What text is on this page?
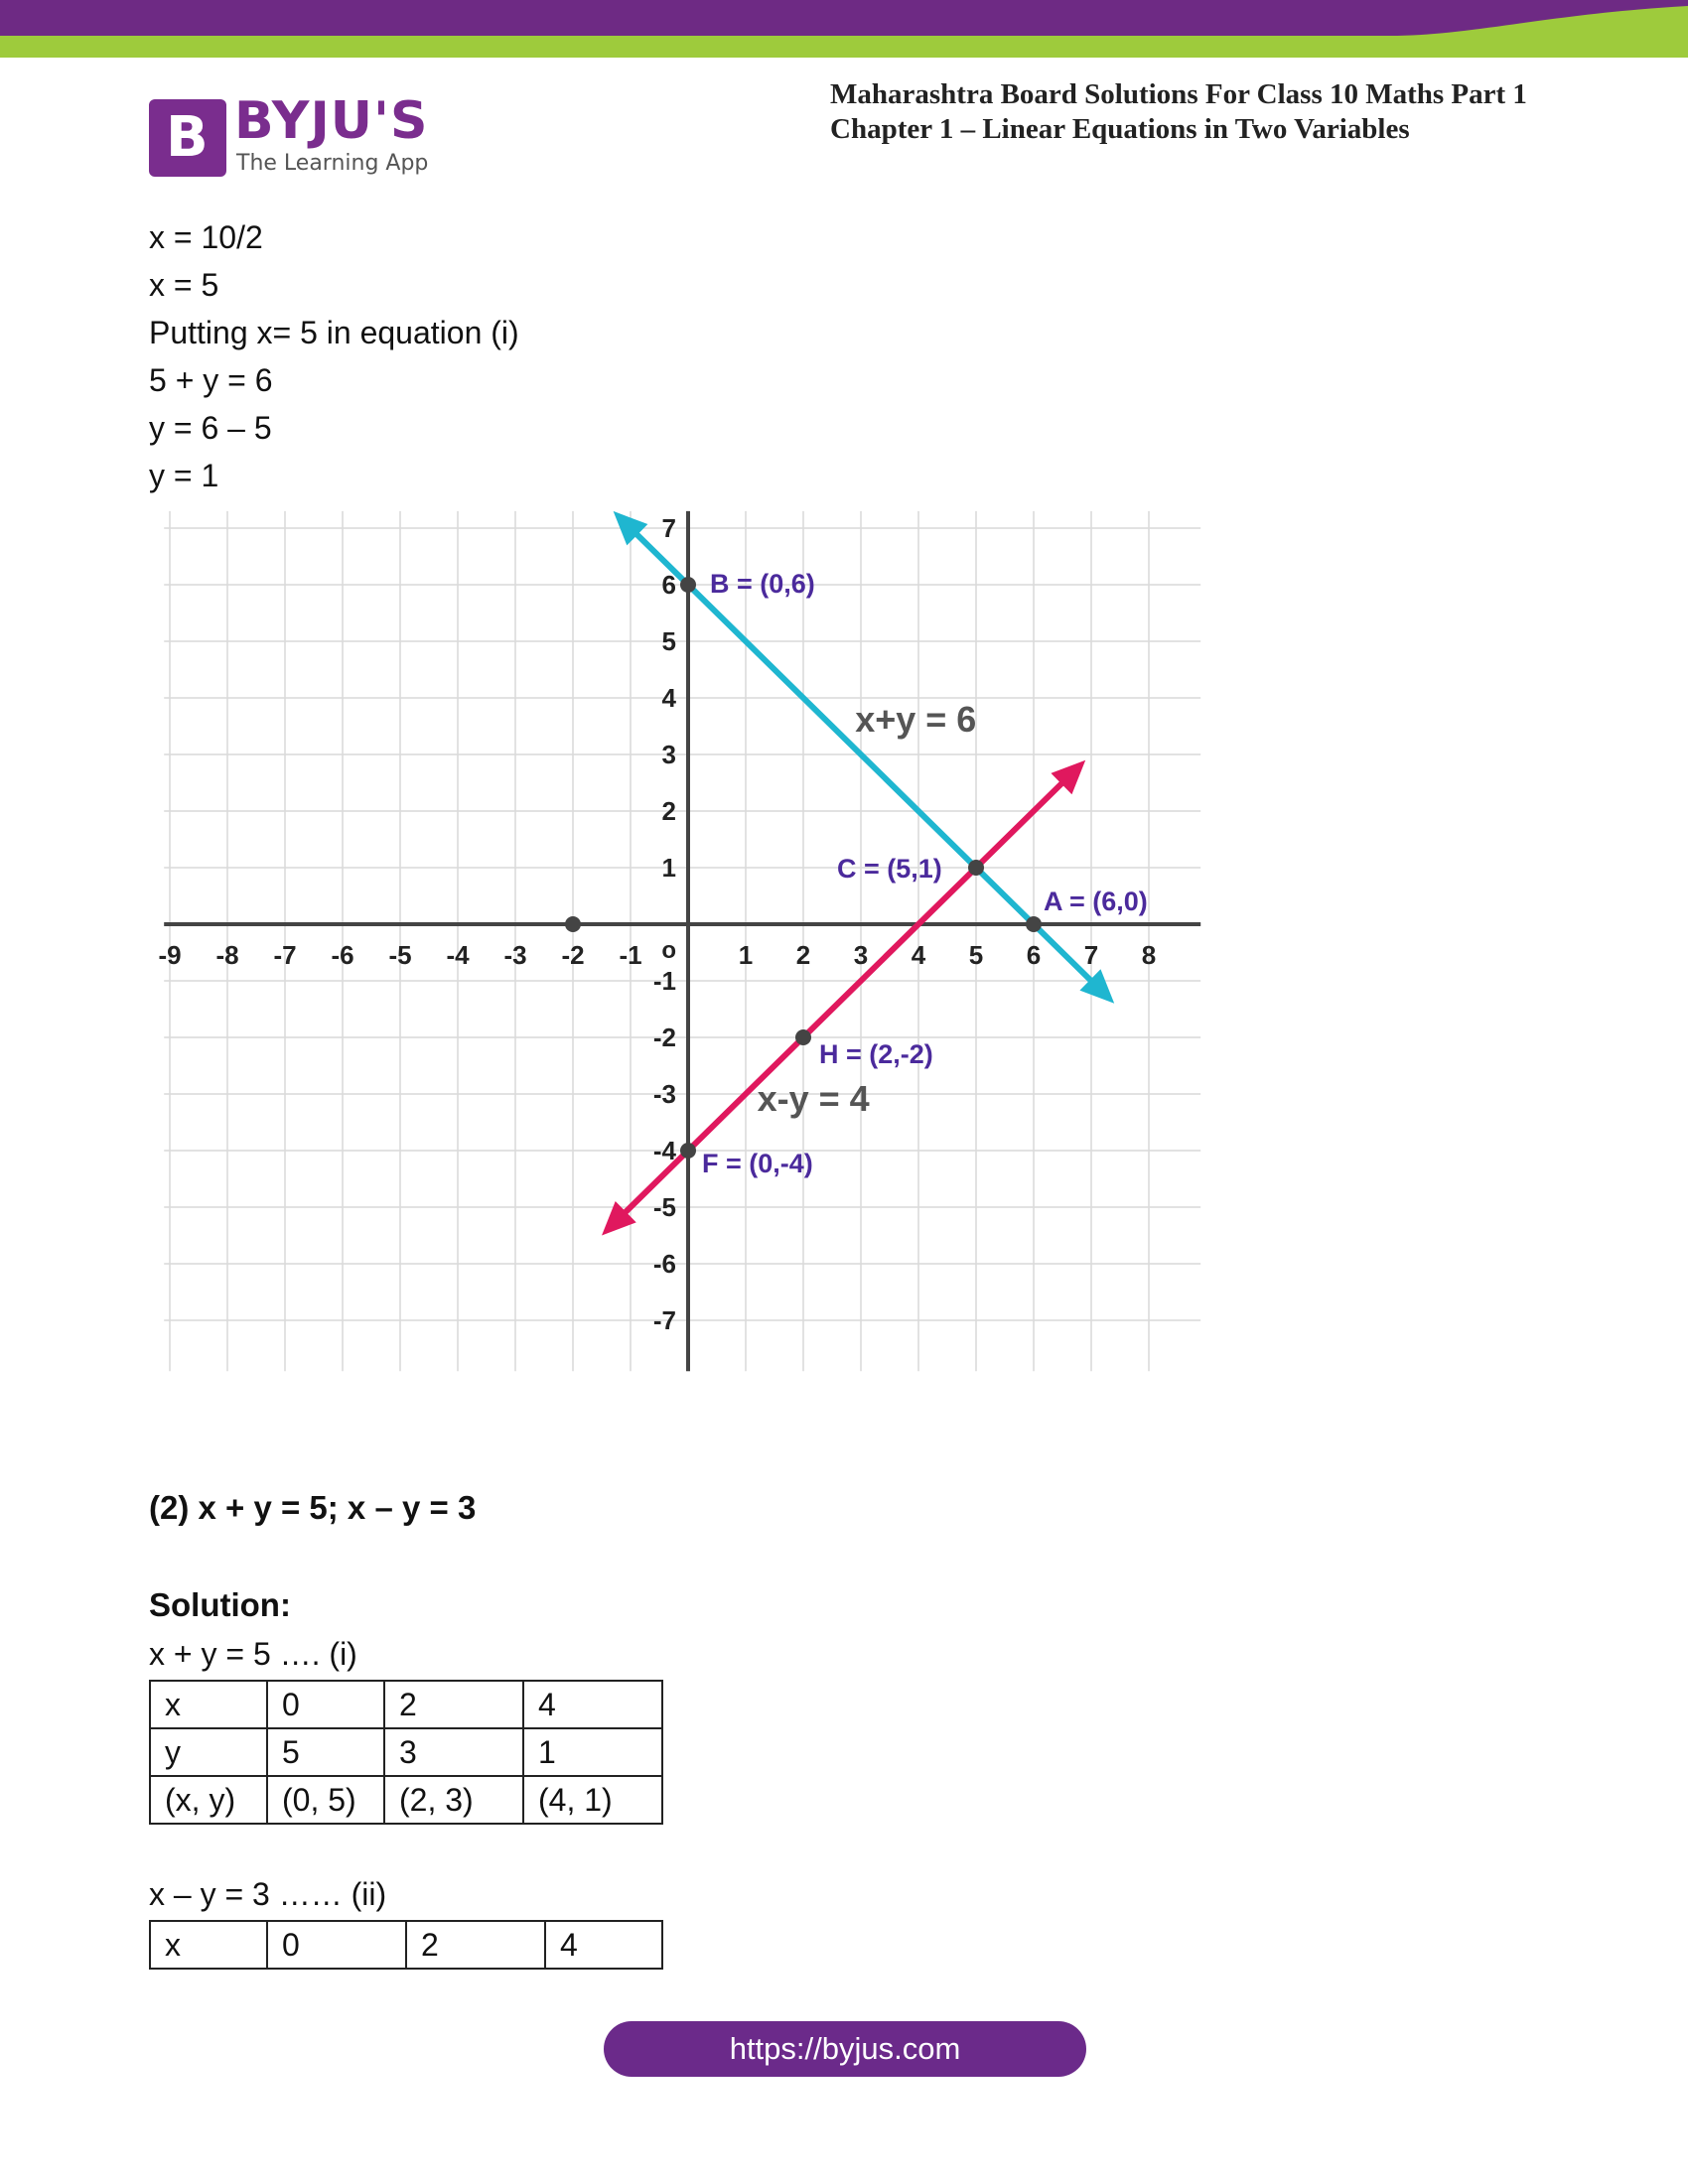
B BYJU'S
The Learning App
Maharashtra Board Solutions For Class 10 Maths Part 1
Chapter 1 – Linear Equations in Two Variables
x = 10/2
x = 5
Putting x= 5 in equation (i)
5 + y = 6
y = 6 – 5
y = 1
-9 -8 -7 -6 -5 -4 -3 -2 -1	1 2 3 4 5 6 7 8
7
6
5
4
3
2
1
-1
-2
-3
-4
-5
-6
-7
o
x+y = 6
x-y = 4
B = (0,6)
C = (5,1)
A = (6,0)
H = (2,-2)
F = (0,-4)
(2) x + y = 5; x – y = 3
Solution:
x + y = 5 …. (i)
x	0	2	4
y	5	3	1
(x, y)	(0, 5)	(2, 3)	(4, 1)
x – y = 3 …… (ii)
x	0	2	4
https://byjus.com
